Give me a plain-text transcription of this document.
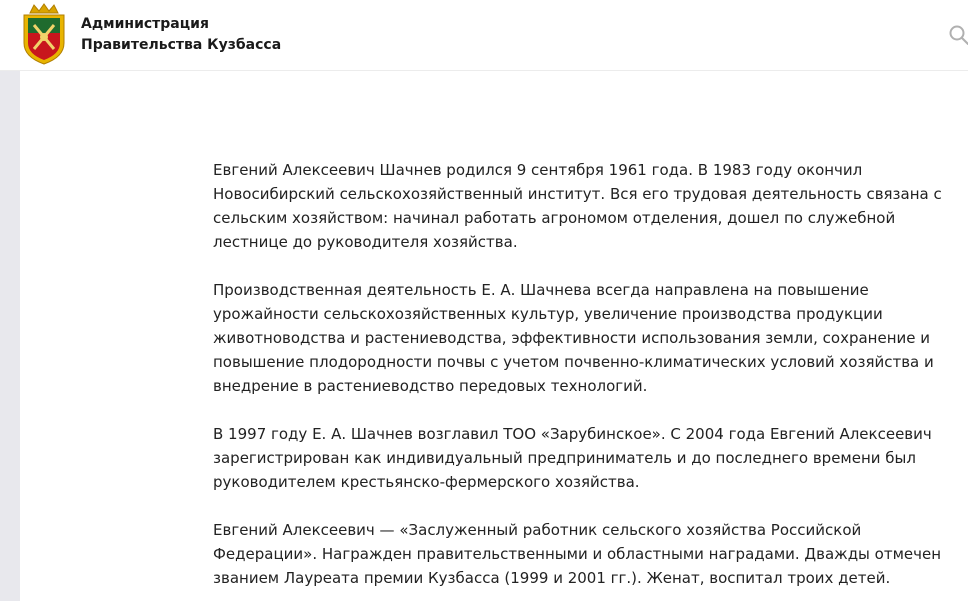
Администрация
Правительства Кузбасса

Евгений Алексеевич Шачнев родился 9 сентября 1961 года. В 1983 году окончил Новосибирский сельскохозяйственный институт. Вся его трудовая деятельность связана с сельским хозяйством: начинал работать агрономом отделения, дошел по служебной лестнице до руководителя хозяйства.

Производственная деятельность Е. А. Шачнева всегда направлена на повышение урожайности сельскохозяйственных культур, увеличение производства продукции животноводства и растениеводства, эффективности использования земли, сохранение и повышение плодородности почвы с учетом почвенно-климатических условий хозяйства и внедрение в растениеводство передовых технологий.

В 1997 году Е. А. Шачнев возглавил ТОО «Зарубинское». С 2004 года Евгений Алексеевич зарегистрирован как индивидуальный предприниматель и до последнего времени был руководителем крестьянско-фермерского хозяйства.

Евгений Алексеевич — «Заслуженный работник сельского хозяйства Российской Федерации». Награжден правительственными и областными наградами. Дважды отмечен званием Лауреата премии Кузбасса (1999 и 2001 гг.). Женат, воспитал троих детей.
